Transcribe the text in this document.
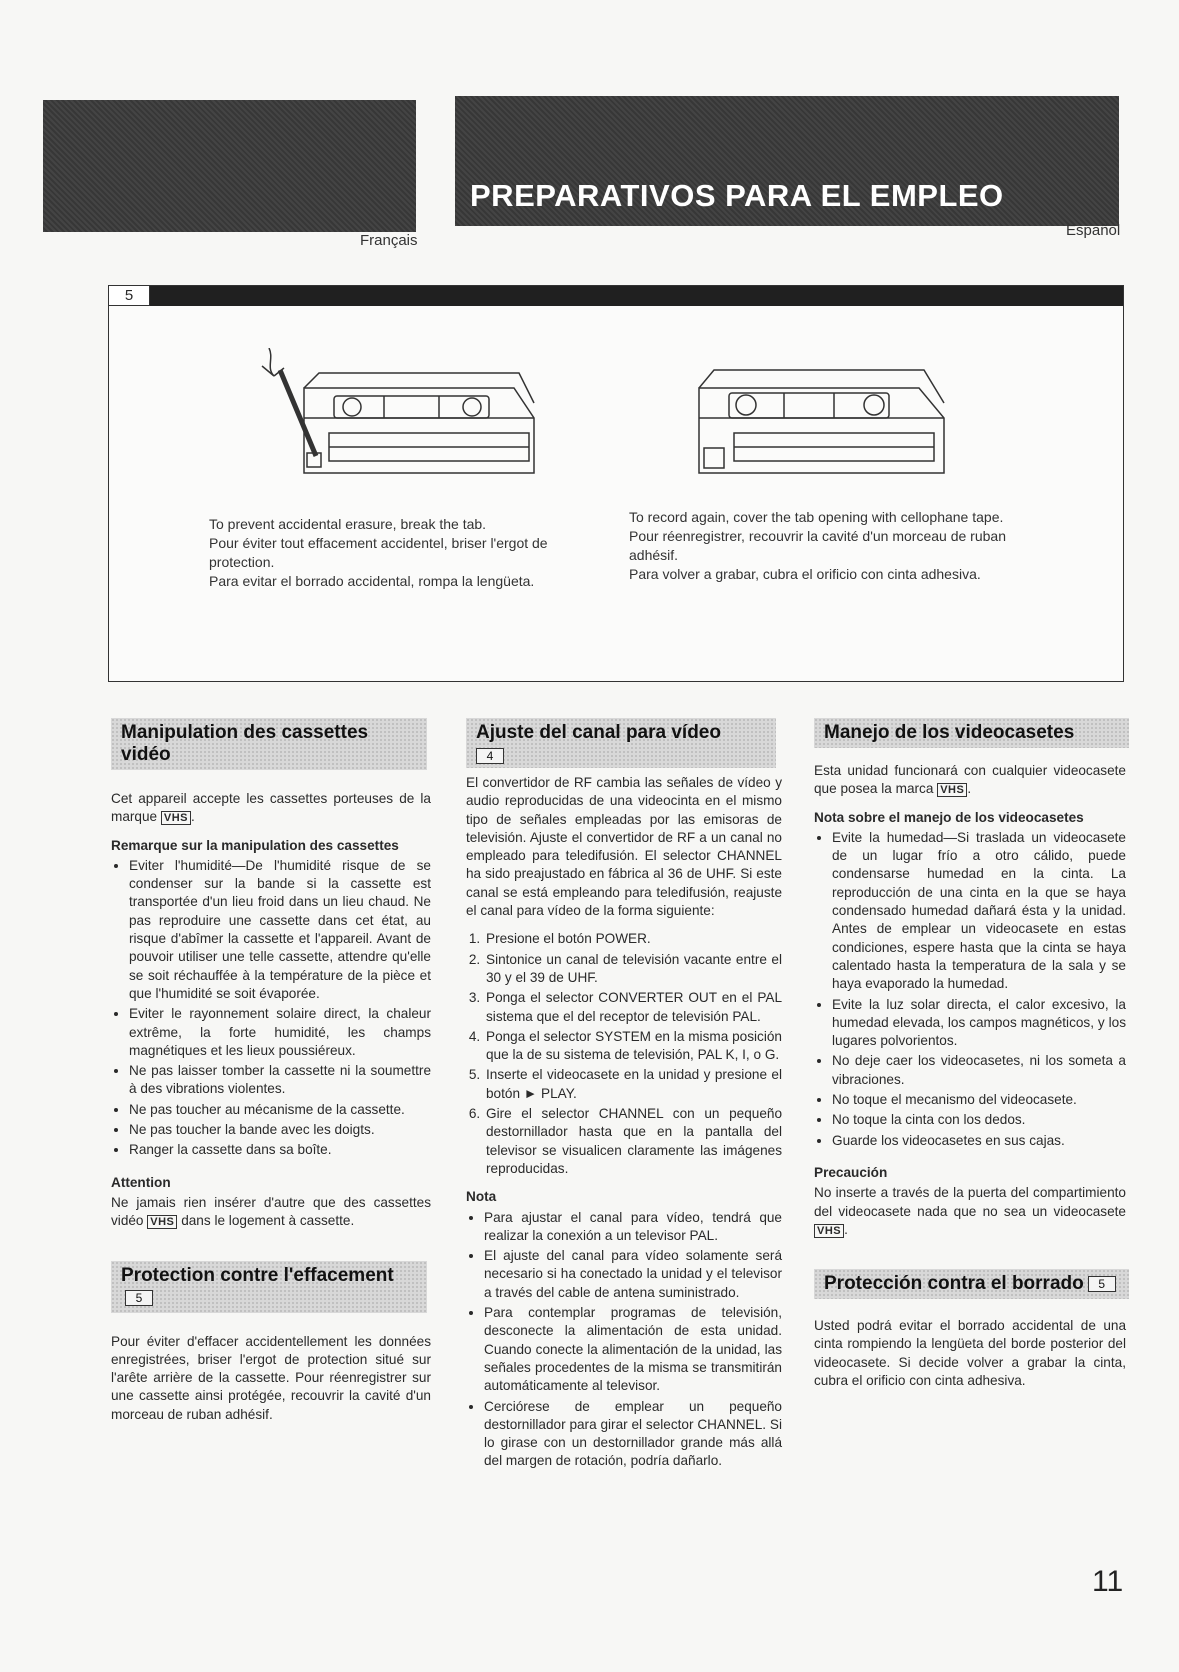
PREPARATIVOS PARA EL EMPLEO
Français
Español
5
To prevent accidental erasure, break the tab.
Pour éviter tout effacement accidentel, briser l'ergot de protection.
Para evitar el borrado accidental, rompa la lengüeta.
To record again, cover the tab opening with cellophane tape.
Pour réenregistrer, recouvrir la cavité d'un morceau de ruban adhésif.
Para volver a grabar, cubra el orificio con cinta adhesiva.
Manipulation des cassettes vidéo

Cet appareil accepte les cassettes porteuses de la marque VHS .

Remarque sur la manipulation des cassettes
• Eviter l'humidité—De l'humidité risque de se condenser sur la bande si la cassette est transportée d'un lieu froid dans un lieu chaud. Ne pas reproduire une cassette dans cet état, au risque d'abîmer la cassette et l'appareil. Avant de pouvoir utiliser une telle cassette, attendre qu'elle se soit réchauffée à la température de la pièce et que l'humidité se soit évaporée.
• Eviter le rayonnement solaire direct, la chaleur extrême, la forte humidité, les champs magnétiques et les lieux poussiéreux.
• Ne pas laisser tomber la cassette ni la soumettre à des vibrations violentes.
• Ne pas toucher au mécanisme de la cassette.
• Ne pas toucher la bande avec les doigts.
• Ranger la cassette dans sa boîte.
Attention

Ne jamais rien insérer d'autre que des cassettes vidéo VHS dans le logement à cassette.

Protection contre l'effacement5

Pour éviter d'effacer accidentellement les données enregistrées, briser l'ergot de protection situé sur l'arête arrière de la cassette. Pour réenregistrer sur une cassette ainsi protégée, recouvrir la cavité d'un morceau de ruban adhésif.

Ajuste del canal para vídeo
4

El convertidor de RF cambia las señales de vídeo y audio reproducidas de una videocinta en el mismo tipo de señales empleadas por las emisoras de televisión. Ajuste el convertidor de RF a un canal no empleado para teledifusión. El selector CHANNEL ha sido preajustado en fábrica al 36 de UHF. Si este canal se está empleando para teledifusión, reajuste el canal para vídeo de la forma siguiente:

1. Presione el botón POWER.
2. Sintonice un canal de televisión vacante entre el 30 y el 39 de UHF.
3. Ponga el selector CONVERTER OUT en el PAL sistema que el del receptor de televisión PAL.
4. Ponga el selector SYSTEM en la misma posición que la de su sistema de televisión, PAL K, I, o G.
5. Inserte el videocasete en la unidad y presione el botón ► PLAY.
6. Gire el selector CHANNEL con un pequeño destornillador hasta que en la pantalla del televisor se visualicen claramente las imágenes reproducidas.
Nota
• Para ajustar el canal para vídeo, tendrá que realizar la conexión a un televisor PAL.
• El ajuste del canal para vídeo solamente será necesario si ha conectado la unidad y el televisor a través del cable de antena suministrado.
• Para contemplar programas de televisión, desconecte la alimentación de esta unidad. Cuando conecte la alimentación de la unidad, las señales procedentes de la misma se transmitirán automáticamente al televisor.
• Cerciórese de emplear un pequeño destornillador para girar el selector CHANNEL. Si lo girase con un destornillador grande más allá del margen de rotación, podría dañarlo.
Manejo de los videocasetes

Esta unidad funcionará con cualquier videocasete que posea la marca VHS .

Nota sobre el manejo de los videocasetes
• Evite la humedad—Si traslada un videocasete de un lugar frío a otro cálido, puede condensarse humedad en la cinta. La reproducción de una cinta en la que se haya condensado humedad dañará ésta y la unidad. Antes de emplear un videocasete en estas condiciones, espere hasta que la cinta se haya calentado hasta la temperatura de la sala y se haya evaporado la humedad.
• Evite la luz solar directa, el calor excesivo, la humedad elevada, los campos magnéticos, y los lugares polvorientos.
• No deje caer los videocasetes, ni los someta a vibraciones.
• No toque el mecanismo del videocasete.
• No toque la cinta con los dedos.
• Guarde los videocasetes en sus cajas.
Precaución

No inserte a través de la puerta del compartimiento del videocasete nada que no sea un videocasete VHS .

Protección contra el borrado 5

Usted podrá evitar el borrado accidental de una cinta rompiendo la lengüeta del borde posterior del videocasete. Si decide volver a grabar la cinta, cubra el orificio con cinta adhesiva.

11
